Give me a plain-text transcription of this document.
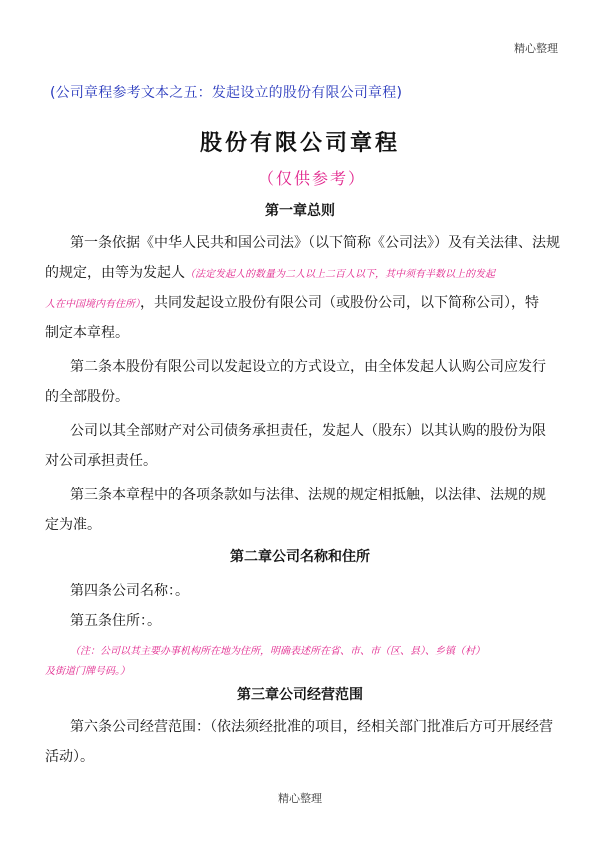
精心整理
(公司章程参考文本之五：发起设立的股份有限公司章程)
股份有限公司章程
（仅供参考）
第一章总则
第一条依据《中华人民共和国公司法》（以下简称《公司法》）及有关法律、法规
的规定，由等为发起人（法定发起人的数量为二人以上二百人以下，其中须有半数以上的发起
人在中国境内有住所），共同发起设立股份有限公司（或股份公司，以下简称公司），特
制定本章程。
第二条本股份有限公司以发起设立的方式设立，由全体发起人认购公司应发行
的全部股份。
公司以其全部财产对公司债务承担责任，发起人（股东）以其认购的股份为限
对公司承担责任。
第三条本章程中的各项条款如与法律、法规的规定相抵触，以法律、法规的规
定为准。
第二章公司名称和住所
第四条公司名称：。
第五条住所：。
（注：公司以其主要办事机构所在地为住所，明确表述所在省、市、市（区、县）、乡镇（村）
及街道门牌号码。）
第三章公司经营范围
第六条公司经营范围：（依法须经批准的项目，经相关部门批准后方可开展经营
活动）。
精心整理
